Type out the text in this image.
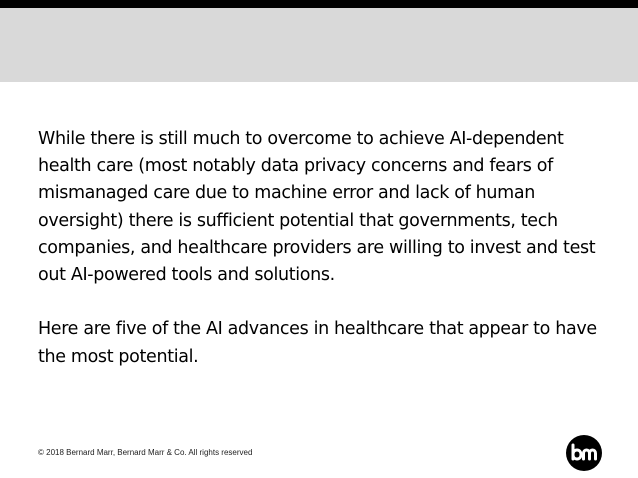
While there is still much to overcome to achieve AI-dependent health care (most notably data privacy concerns and fears of mismanaged care due to machine error and lack of human oversight) there is sufficient potential that governments, tech companies, and healthcare providers are willing to invest and test out AI-powered tools and solutions.

Here are five of the AI advances in healthcare that appear to have the most potential.

© 2018 Bernard Marr, Bernard Marr & Co. All rights reserved
